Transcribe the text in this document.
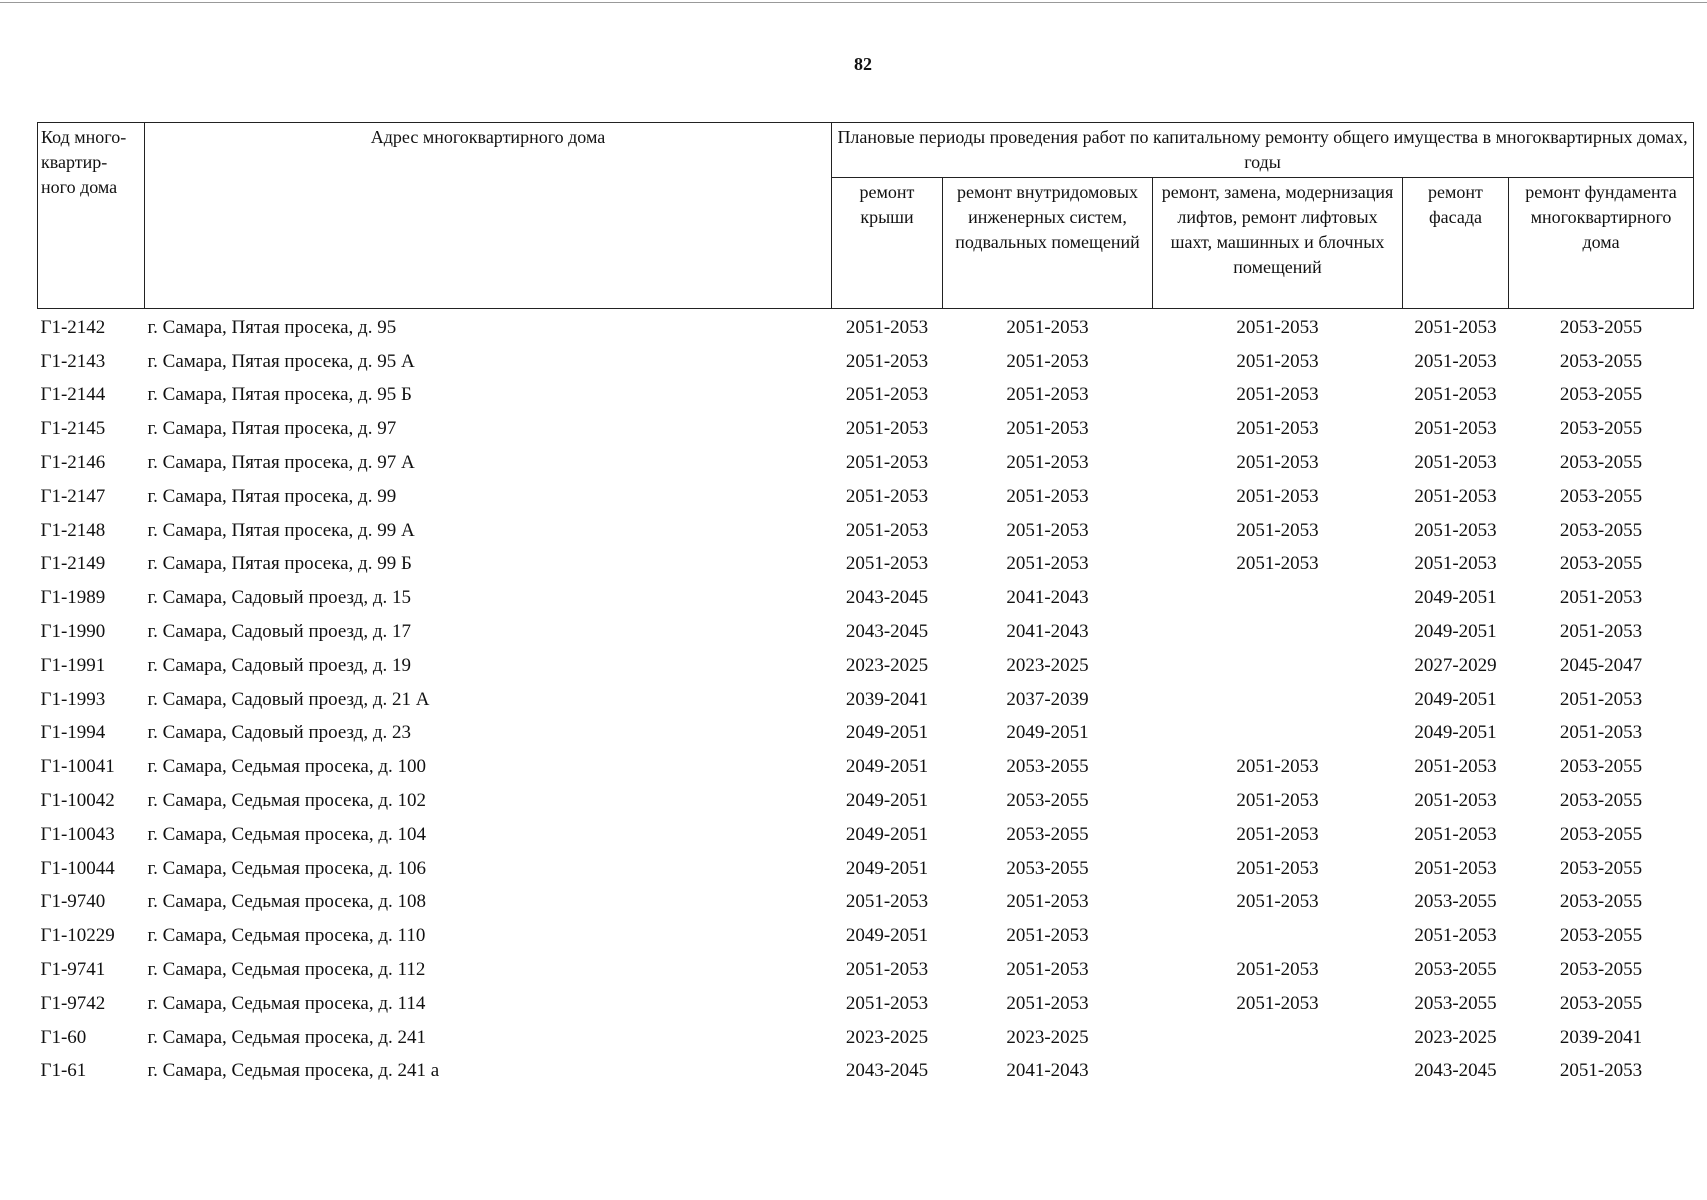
82
Код много-квартир-ного дома	Адрес многоквартирного дома	Плановые периоды проведения работ по капитальному ремонту общего имущества в многоквартирных домах, годы				
		ремонт крыши	ремонт внутридомовых инженерных систем, подвальных помещений	ремонт, замена, модернизация лифтов, ремонт лифтовых шахт, машинных и блочных помещений	ремонт фасада	ремонт фундамента многоквартирного дома
Г1-2142	г. Самара, Пятая просека, д. 95	2051-2053	2051-2053	2051-2053	2051-2053	2053-2055
Г1-2143	г. Самара, Пятая просека, д. 95 А	2051-2053	2051-2053	2051-2053	2051-2053	2053-2055
Г1-2144	г. Самара, Пятая просека, д. 95 Б	2051-2053	2051-2053	2051-2053	2051-2053	2053-2055
Г1-2145	г. Самара, Пятая просека, д. 97	2051-2053	2051-2053	2051-2053	2051-2053	2053-2055
Г1-2146	г. Самара, Пятая просека, д. 97 А	2051-2053	2051-2053	2051-2053	2051-2053	2053-2055
Г1-2147	г. Самара, Пятая просека, д. 99	2051-2053	2051-2053	2051-2053	2051-2053	2053-2055
Г1-2148	г. Самара, Пятая просека, д. 99 А	2051-2053	2051-2053	2051-2053	2051-2053	2053-2055
Г1-2149	г. Самара, Пятая просека, д. 99 Б	2051-2053	2051-2053	2051-2053	2051-2053	2053-2055
Г1-1989	г. Самара, Садовый проезд, д. 15	2043-2045	2041-2043		2049-2051	2051-2053
Г1-1990	г. Самара, Садовый проезд, д. 17	2043-2045	2041-2043		2049-2051	2051-2053
Г1-1991	г. Самара, Садовый проезд, д. 19	2023-2025	2023-2025		2027-2029	2045-2047
Г1-1993	г. Самара, Садовый проезд, д. 21 А	2039-2041	2037-2039		2049-2051	2051-2053
Г1-1994	г. Самара, Садовый проезд, д. 23	2049-2051	2049-2051		2049-2051	2051-2053
Г1-10041	г. Самара, Седьмая просека, д. 100	2049-2051	2053-2055	2051-2053	2051-2053	2053-2055
Г1-10042	г. Самара, Седьмая просека, д. 102	2049-2051	2053-2055	2051-2053	2051-2053	2053-2055
Г1-10043	г. Самара, Седьмая просека, д. 104	2049-2051	2053-2055	2051-2053	2051-2053	2053-2055
Г1-10044	г. Самара, Седьмая просека, д. 106	2049-2051	2053-2055	2051-2053	2051-2053	2053-2055
Г1-9740	г. Самара, Седьмая просека, д. 108	2051-2053	2051-2053	2051-2053	2053-2055	2053-2055
Г1-10229	г. Самара, Седьмая просека, д. 110	2049-2051	2051-2053		2051-2053	2053-2055
Г1-9741	г. Самара, Седьмая просека, д. 112	2051-2053	2051-2053	2051-2053	2053-2055	2053-2055
Г1-9742	г. Самара, Седьмая просека, д. 114	2051-2053	2051-2053	2051-2053	2053-2055	2053-2055
Г1-60	г. Самара, Седьмая просека, д. 241	2023-2025	2023-2025		2023-2025	2039-2041
Г1-61	г. Самара, Седьмая просека, д. 241 а	2043-2045	2041-2043		2043-2045	2051-2053
